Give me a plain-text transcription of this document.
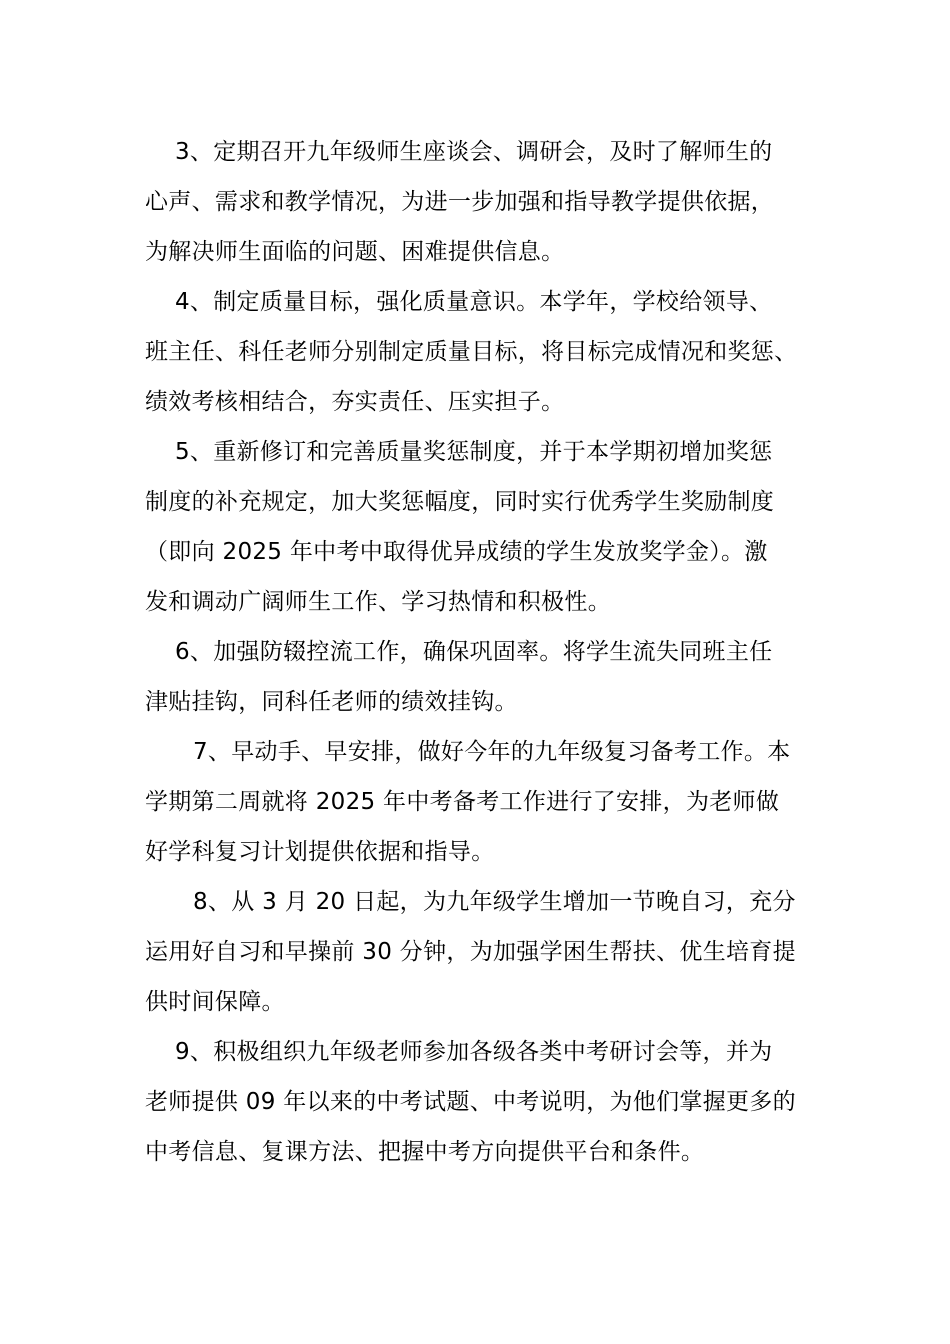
3、定期召开九年级师生座谈会、调研会，及时了解师生的
心声、需求和教学情况，为进一步加强和指导教学提供依据，
为解决师生面临的问题、困难提供信息。

4、制定质量目标，强化质量意识。本学年，学校给领导、
班主任、科任老师分别制定质量目标，将目标完成情况和奖惩、
绩效考核相结合，夯实责任、压实担子。

5、重新修订和完善质量奖惩制度，并于本学期初增加奖惩
制度的补充规定，加大奖惩幅度，同时实行优秀学生奖励制度
（即向 2025 年中考中取得优异成绩的学生发放奖学金）。激
发和调动广阔师生工作、学习热情和积极性。

6、加强防辍控流工作，确保巩固率。将学生流失同班主任
津贴挂钩，同科任老师的绩效挂钩。

7、早动手、早安排，做好今年的九年级复习备考工作。本
学期第二周就将 2025 年中考备考工作进行了安排，为老师做
好学科复习计划提供依据和指导。

8、从 3 月 20 日起，为九年级学生增加一节晚自习，充分
运用好自习和早操前 30 分钟，为加强学困生帮扶、优生培育提
供时间保障。

9、积极组织九年级老师参加各级各类中考研讨会等，并为
老师提供 09 年以来的中考试题、中考说明，为他们掌握更多的
中考信息、复课方法、把握中考方向提供平台和条件。
